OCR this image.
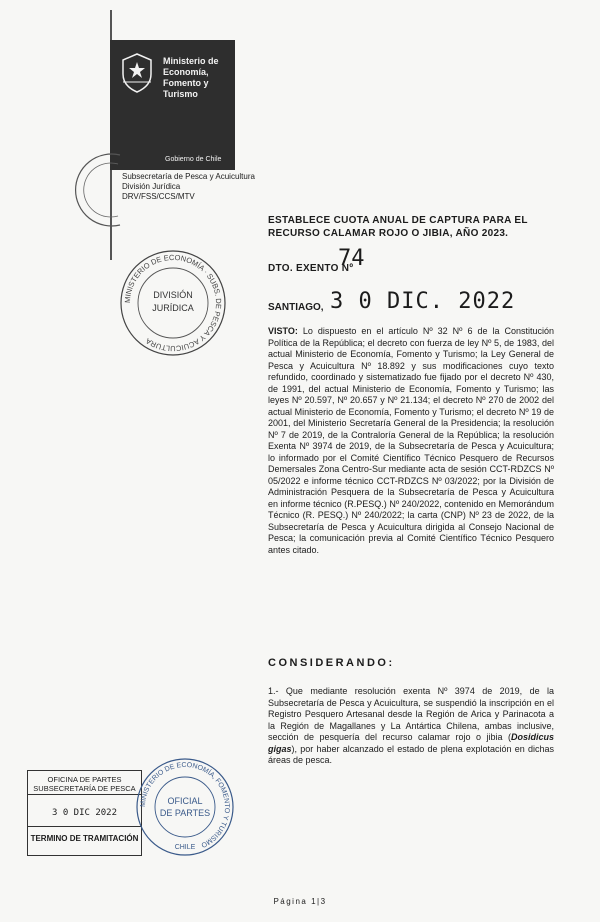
Ministerio de
Economía,
Fomento y
Turismo
Gobierno de Chile
Subsecretaría de Pesca y Acuicultura
División Jurídica
DRV/FSS/CCS/MTV
ESTABLECE CUOTA ANUAL DE CAPTURA PARA EL
RECURSO CALAMAR ROJO O JIBIA, AÑO 2023.
DTO. EXENTO Nº
74
MINISTERIO DE ECONOMÍA · SUBS. DE PESCA Y ACUICULTURA
DIVISIÓN
JURÍDICA	SANTIAGO, 3 0 DIC. 2022
VISTO: Lo dispuesto en el artículo Nº 32 Nº 6 de la Constitución Política de la República; el decreto con fuerza de ley Nº 5, de 1983, del actual Ministerio de Economía, Fomento y Turismo; la Ley General de Pesca y Acuicultura Nº 18.892 y sus modificaciones cuyo texto refundido, coordinado y sistematizado fue fijado por el decreto Nº 430, de 1991, del actual Ministerio de Economía, Fomento y Turismo; las leyes Nº 20.597, Nº 20.657 y Nº 21.134; el decreto Nº 270 de 2002 del actual Ministerio de Economía, Fomento y Turismo; el decreto Nº 19 de 2001, del Ministerio Secretaría General de la Presidencia; la resolución Nº 7 de 2019, de la Contraloría General de la República; la resolución Exenta Nº 3974 de 2019, de la Subsecretaría de Pesca y Acuicultura; lo informado por el Comité Científico Técnico Pesquero de Recursos Demersales Zona Centro-Sur mediante acta de sesión CCT-RDZCS Nº 05/2022 e informe técnico CCT-RDZCS Nº 03/2022; por la División de Administración Pesquera de la Subsecretaría de Pesca y Acuicultura en informe técnico (R.PESQ.) Nº 240/2022, contenido en Memorándum Técnico (R. PESQ.) Nº 240/2022; la carta (CNP) Nº 23 de 2022, de la Subsecretaría de Pesca y Acuicultura dirigida al Consejo Nacional de Pesca; la comunicación previa al Comité Científico Técnico Pesquero antes citado.
CONSIDERANDO:
1.- Que mediante resolución exenta Nº 3974 de 2019, de la Subsecretaría de Pesca y Acuicultura, se suspendió la inscripción en el Registro Pesquero Artesanal desde la Región de Arica y Parinacota a la Región de Magallanes y La Antártica Chilena, ambas inclusive, sección de pesquería del recurso calamar rojo o jibia (Dosidicus gigas), por haber alcanzado el estado de plena explotación en dichas áreas de pesca.
OFICINA DE PARTES
SUBSECRETARÍA DE PESCA
3 0 DIC 2022
TERMINO DE TRAMITACIÓN
MINISTERIO DE ECONOMÍA, FOMENTO Y TURISMO
OFICIAL
DE PARTES
CHILE
Página 1|3
